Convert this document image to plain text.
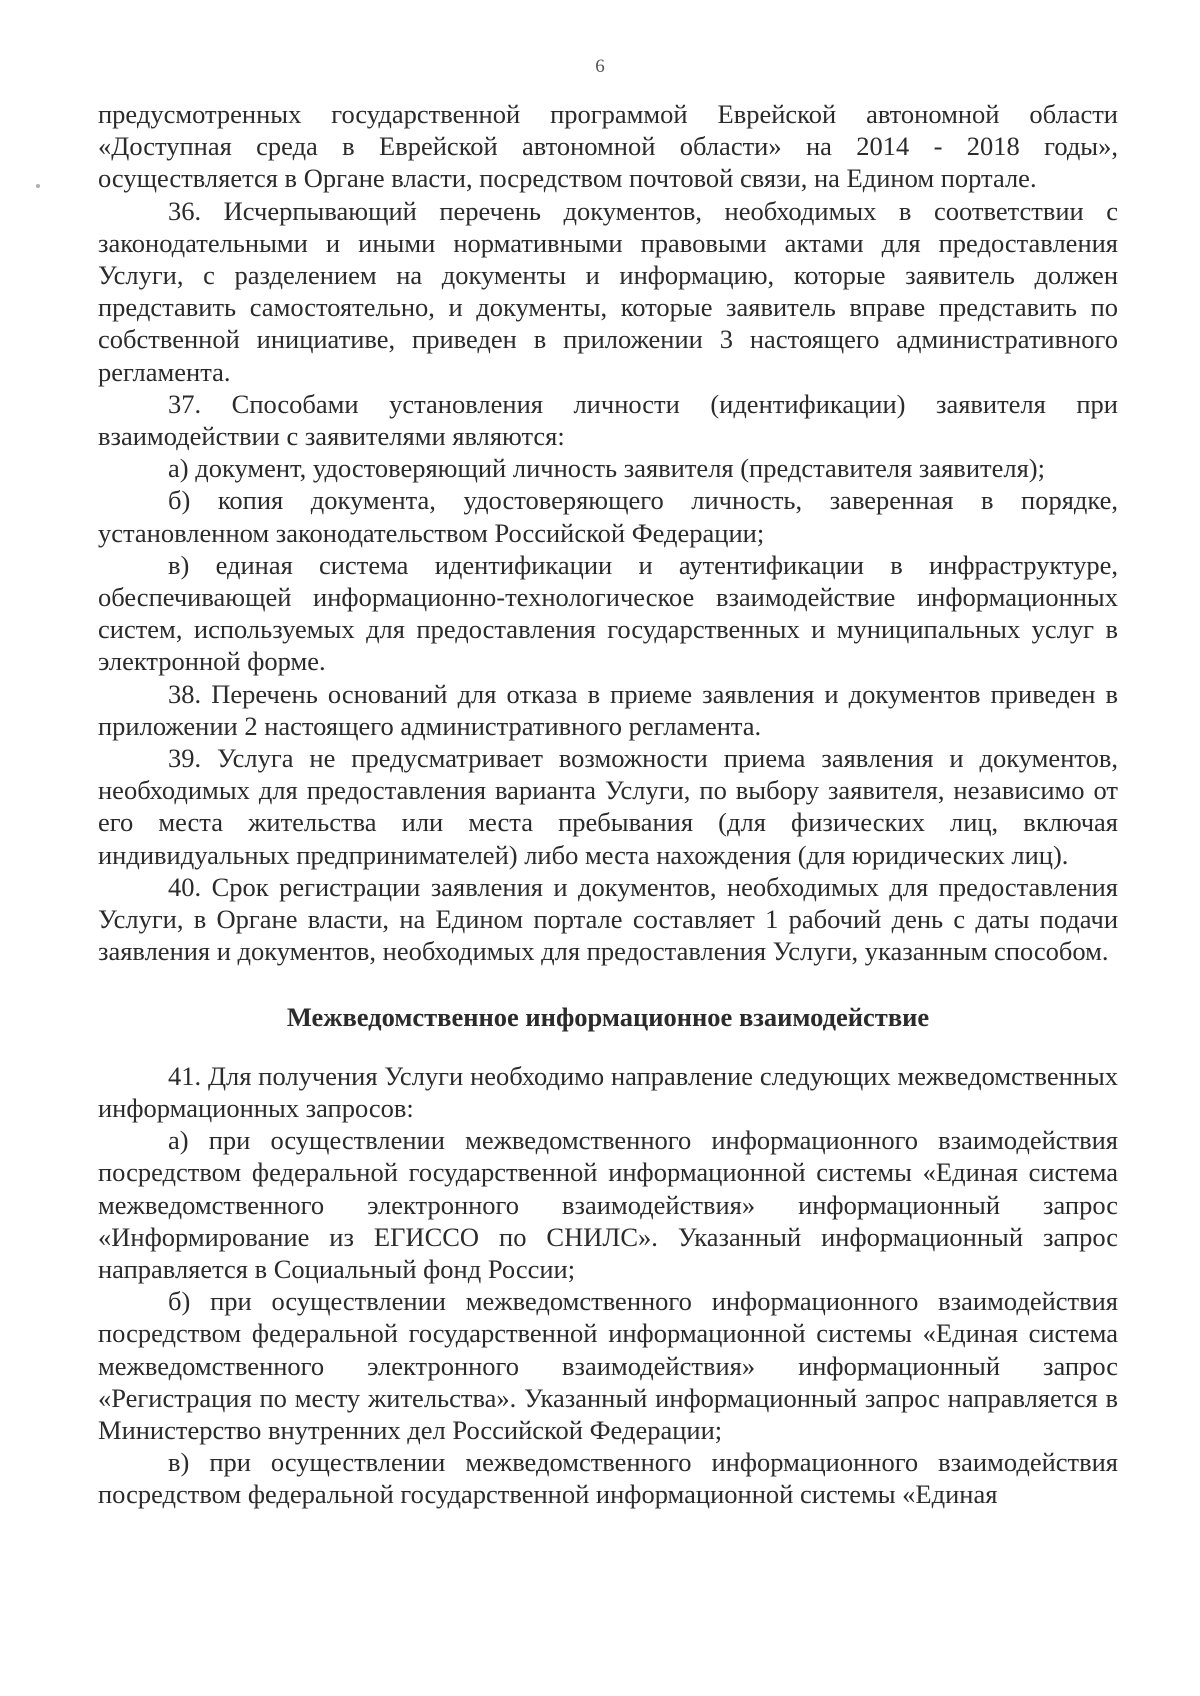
6

предусмотренных государственной программой Еврейской автономной области «Доступная среда в Еврейской автономной области» на 2014 - 2018 годы», осуществляется в Органе власти, посредством почтовой связи, на Едином портале.

36. Исчерпывающий перечень документов, необходимых в соответствии с законодательными и иными нормативными правовыми актами для предоставления Услуги, с разделением на документы и информацию, которые заявитель должен представить самостоятельно, и документы, которые заявитель вправе представить по собственной инициативе, приведен в приложении 3 настоящего административного регламента.

37. Способами установления личности (идентификации) заявителя при взаимодействии с заявителями являются:

а) документ, удостоверяющий личность заявителя (представителя заявителя);

б) копия документа, удостоверяющего личность, заверенная в порядке, установленном законодательством Российской Федерации;

в) единая система идентификации и аутентификации в инфраструктуре, обеспечивающей информационно-технологическое взаимодействие информационных систем, используемых для предоставления государственных и муниципальных услуг в электронной форме.

38. Перечень оснований для отказа в приеме заявления и документов приведен в приложении 2 настоящего административного регламента.

39. Услуга не предусматривает возможности приема заявления и документов, необходимых для предоставления варианта Услуги, по выбору заявителя, независимо от его места жительства или места пребывания (для физических лиц, включая индивидуальных предпринимателей) либо места нахождения (для юридических лиц).

40. Срок регистрации заявления и документов, необходимых для предоставления Услуги, в Органе власти, на Едином портале составляет 1 рабочий день с даты подачи заявления и документов, необходимых для предоставления Услуги, указанным способом.

Межведомственное информационное взаимодействие

41. Для получения Услуги необходимо направление следующих межведомственных информационных запросов:

а) при осуществлении межведомственного информационного взаимодействия посредством федеральной государственной информационной системы «Единая система межведомственного электронного взаимодействия» информационный запрос «Информирование из ЕГИССО по СНИЛС». Указанный информационный запрос направляется в Социальный фонд России;

б) при осуществлении межведомственного информационного взаимодействия посредством федеральной государственной информационной системы «Единая система межведомственного электронного взаимодействия» информационный запрос «Регистрация по месту жительства». Указанный информационный запрос направляется в Министерство внутренних дел Российской Федерации;

в) при осуществлении межведомственного информационного взаимодействия посредством федеральной государственной информационной системы «Единая
